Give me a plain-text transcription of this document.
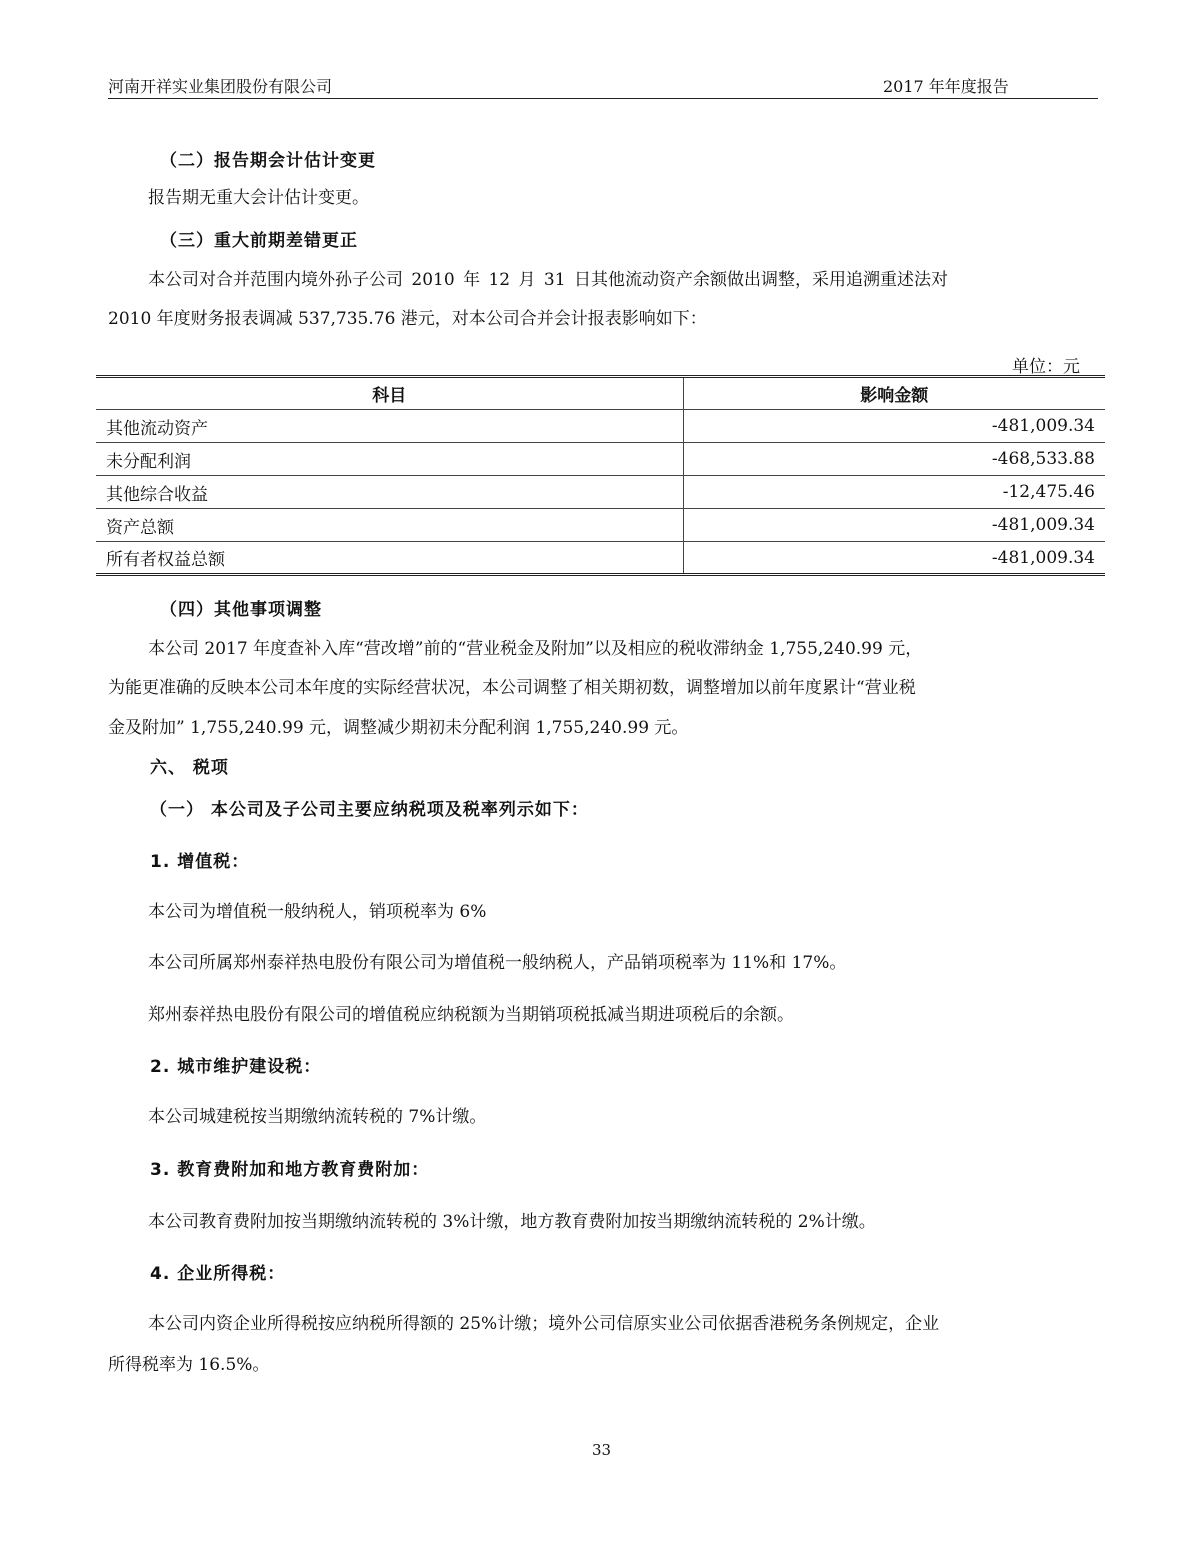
河南开祥实业集团股份有限公司	2017 年年度报告
（二）报告期会计估计变更
报告期无重大会计估计变更。
（三）重大前期差错更正
本公司对合并范围内境外孙子公司 2010 年 12 月 31 日其他流动资产余额做出调整，采用追溯重述法对
2010 年度财务报表调减 537,735.76 港元，对本公司合并会计报表影响如下：
单位：元
科目	影响金额
其他流动资产	-481,009.34
未分配利润	-468,533.88
其他综合收益	-12,475.46
资产总额	-481,009.34
所有者权益总额	-481,009.34
（四）其他事项调整
本公司 2017 年度查补入库“营改增”前的“营业税金及附加”以及相应的税收滞纳金 1,755,240.99 元，
为能更准确的反映本公司本年度的实际经营状况，本公司调整了相关期初数，调整增加以前年度累计“营业税
金及附加” 1,755,240.99 元，调整减少期初未分配利润 1,755,240.99 元。
六、 税项
（一） 本公司及子公司主要应纳税项及税率列示如下：
1. 增值税：
本公司为增值税一般纳税人，销项税率为 6%
本公司所属郑州泰祥热电股份有限公司为增值税一般纳税人，产品销项税率为 11%和 17%。
郑州泰祥热电股份有限公司的增值税应纳税额为当期销项税抵减当期进项税后的余额。
2. 城市维护建设税：
本公司城建税按当期缴纳流转税的 7%计缴。
3. 教育费附加和地方教育费附加：
本公司教育费附加按当期缴纳流转税的 3%计缴，地方教育费附加按当期缴纳流转税的 2%计缴。
4. 企业所得税：
本公司内资企业所得税按应纳税所得额的 25%计缴；境外公司信原实业公司依据香港税务条例规定，企业
所得税率为 16.5%。
33
